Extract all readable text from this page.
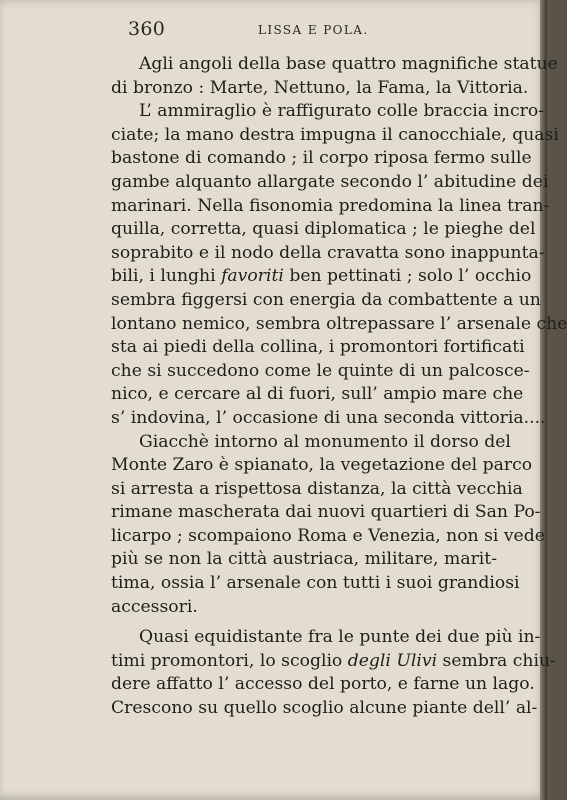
360	LISSA E POLA.
Agli angoli della base quattro magnifiche statue
di bronzo : Marte, Nettuno, la Fama, la Vittoria.
L’ ammiraglio è raffigurato colle braccia incro-
ciate; la mano destra impugna il canocchiale, quasi
bastone di comando ; il corpo riposa fermo sulle
gambe alquanto allargate secondo l’ abitudine dei
marinari. Nella fisonomia predomina la linea tran-
quilla, corretta, quasi diplomatica ; le pieghe del
soprabito e il nodo della cravatta sono inappunta-
bili, i lunghi favoriti ben pettinati ; solo l’ occhio
sembra figgersi con energia da combattente a un
lontano nemico, sembra oltrepassare l’ arsenale che
sta ai piedi della collina, i promontori fortificati
che si succedono come le quinte di un palcosce-
nico, e cercare al di fuori, sull’ ampio mare che
s’ indovina, l’ occasione di una seconda vittoria....
Giacchè intorno al monumento il dorso del
Monte Zaro è spianato, la vegetazione del parco
si arresta a rispettosa distanza, la città vecchia
rimane mascherata dai nuovi quartieri di San Po-
licarpo ; scompaiono Roma e Venezia, non si vede
più se non la città austriaca, militare, marit-
tima, ossia l’ arsenale con tutti i suoi grandiosi
accessori.
Quasi equidistante fra le punte dei due più in-
timi promontori, lo scoglio degli Ulivi sembra chiu-
dere affatto l’ accesso del porto, e farne un lago.
Crescono su quello scoglio alcune piante dell’ al-
